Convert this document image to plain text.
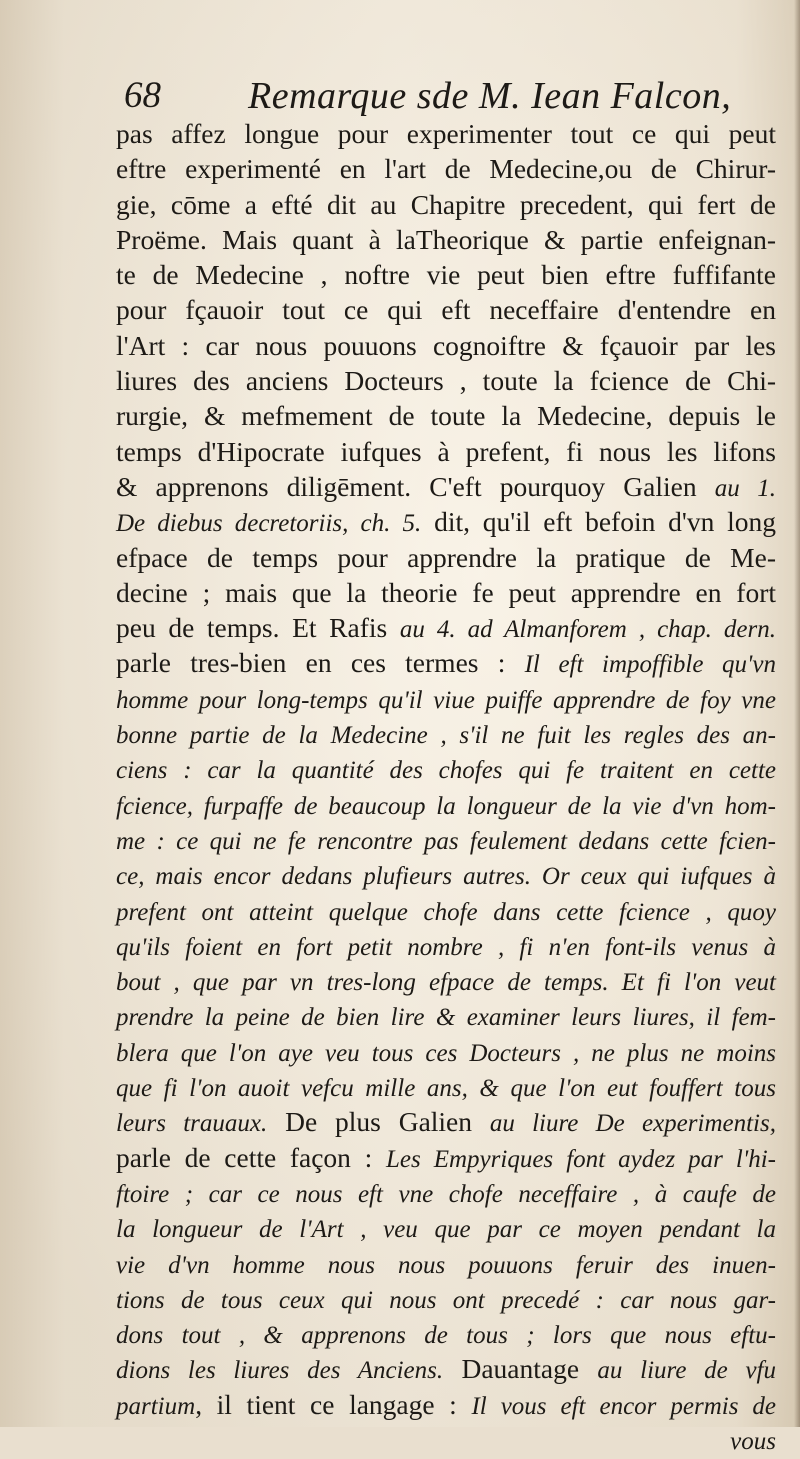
68 Remarque sde M. Iean Falcon,
pas affez longue pour experimenter tout ce qui peut
eftre experimenté en l'art de Medecine,ou de Chirur-
gie, cōme a efté dit au Chapitre precedent, qui fert de
Proëme. Mais quant à laTheorique & partie enfeignan-
te de Medecine , noftre vie peut bien eftre fuffifante
pour fçauoir tout ce qui eft neceffaire d'entendre en
l'Art : car nous pouuons cognoiftre & fçauoir par les
liures des anciens Docteurs , toute la fcience de Chi-
rurgie, & mefmement de toute la Medecine, depuis le
temps d'Hipocrate iufques à prefent, fi nous les lifons
& apprenons diligēment. C'eft pourquoy Galien au 1.
De diebus decretoriis, ch. 5. dit, qu'il eft befoin d'vn long
efpace de temps pour apprendre la pratique de Me-
decine ; mais que la theorie fe peut apprendre en fort
peu de temps. Et Rafis au 4. ad Almanforem , chap. dern.
parle tres-bien en ces termes : Il eft impoffible qu'vn
homme pour long-temps qu'il viue puiffe apprendre de foy vne
bonne partie de la Medecine , s'il ne fuit les regles des an-
ciens : car la quantité des chofes qui fe traitent en cette
fcience, furpaffe de beaucoup la longueur de la vie d'vn hom-
me : ce qui ne fe rencontre pas feulement dedans cette fcien-
ce, mais encor dedans plufieurs autres. Or ceux qui iufques à
prefent ont atteint quelque chofe dans cette fcience , quoy
qu'ils foient en fort petit nombre , fi n'en font-ils venus à
bout , que par vn tres-long efpace de temps. Et fi l'on veut
prendre la peine de bien lire & examiner leurs liures, il fem-
blera que l'on aye veu tous ces Docteurs , ne plus ne moins
que fi l'on auoit vefcu mille ans, & que l'on eut fouffert tous
leurs trauaux. De plus Galien au liure De experimentis,
parle de cette façon : Les Empyriques font aydez par l'hi-
ftoire ; car ce nous eft vne chofe neceffaire , à caufe de
la longueur de l'Art , veu que par ce moyen pendant la
vie d'vn homme nous nous pouuons feruir des inuen-
tions de tous ceux qui nous ont precedé : car nous gar-
dons tout , & apprenons de tous ; lors que nous eftu-
dions les liures des Anciens. Dauantage au liure de vfu
partium, il tient ce langage : Il vous eft encor permis de
vous
